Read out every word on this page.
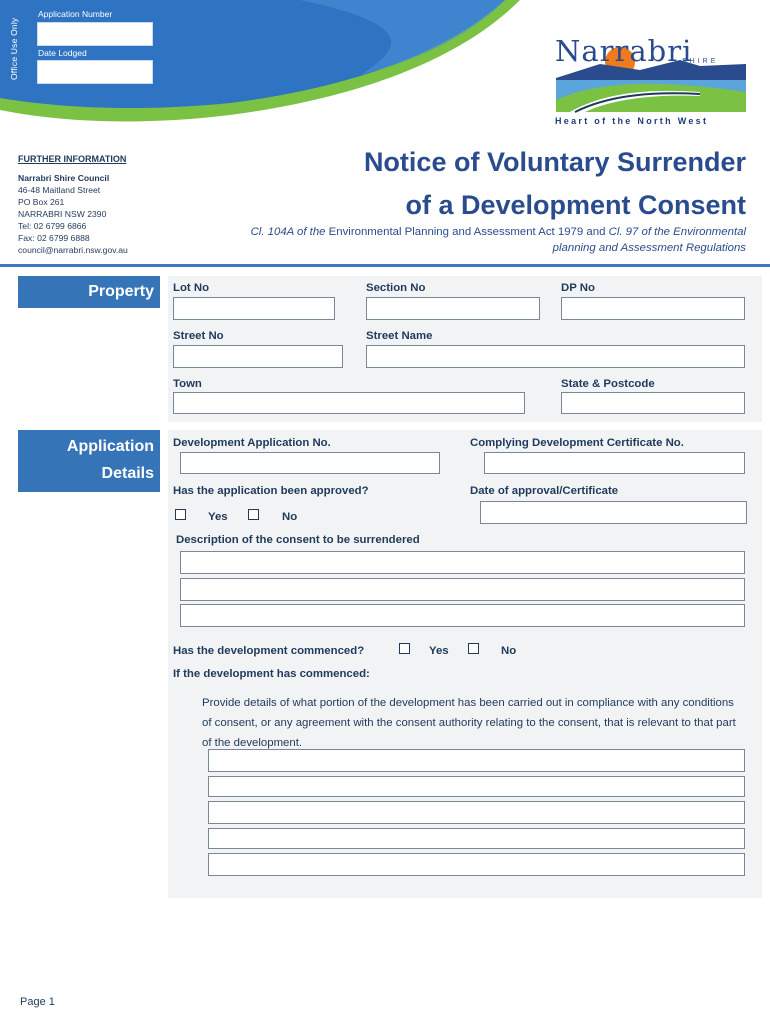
Office Use Only
Application Number
Date Lodged	Narrabri
SHIRE
Heart of the North West
FURTHER INFORMATION
Narrabri Shire Council
46-48 Maitland Street
PO Box 261
NARRABRI NSW 2390
Tel: 02 6799 6866
Fax: 02 6799 6888
council@narrabri.nsw.gov.au
Notice of Voluntary Surrender
of a Development Consent
Cl. 104A of the Environmental Planning and Assessment Act 1979 and Cl. 97 of the Environmental
planning and Assessment Regulations
Property Lot No	Section No	DP No
Street No	Street Name
Town	State & Postcode
Application
Details
Development Application No.	Complying Development Certificate No.
Has the application been approved?
Yes	No
Date of approval/Certificate
Description of the consent to be surrendered
Has the development commenced?	Yes	No
If the development has commenced:
Provide details of what portion of the development has been carried out in compliance with any conditions of consent, or any agreement with the consent authority relating to the consent, that is relevant to that part of the development.
Page 1
